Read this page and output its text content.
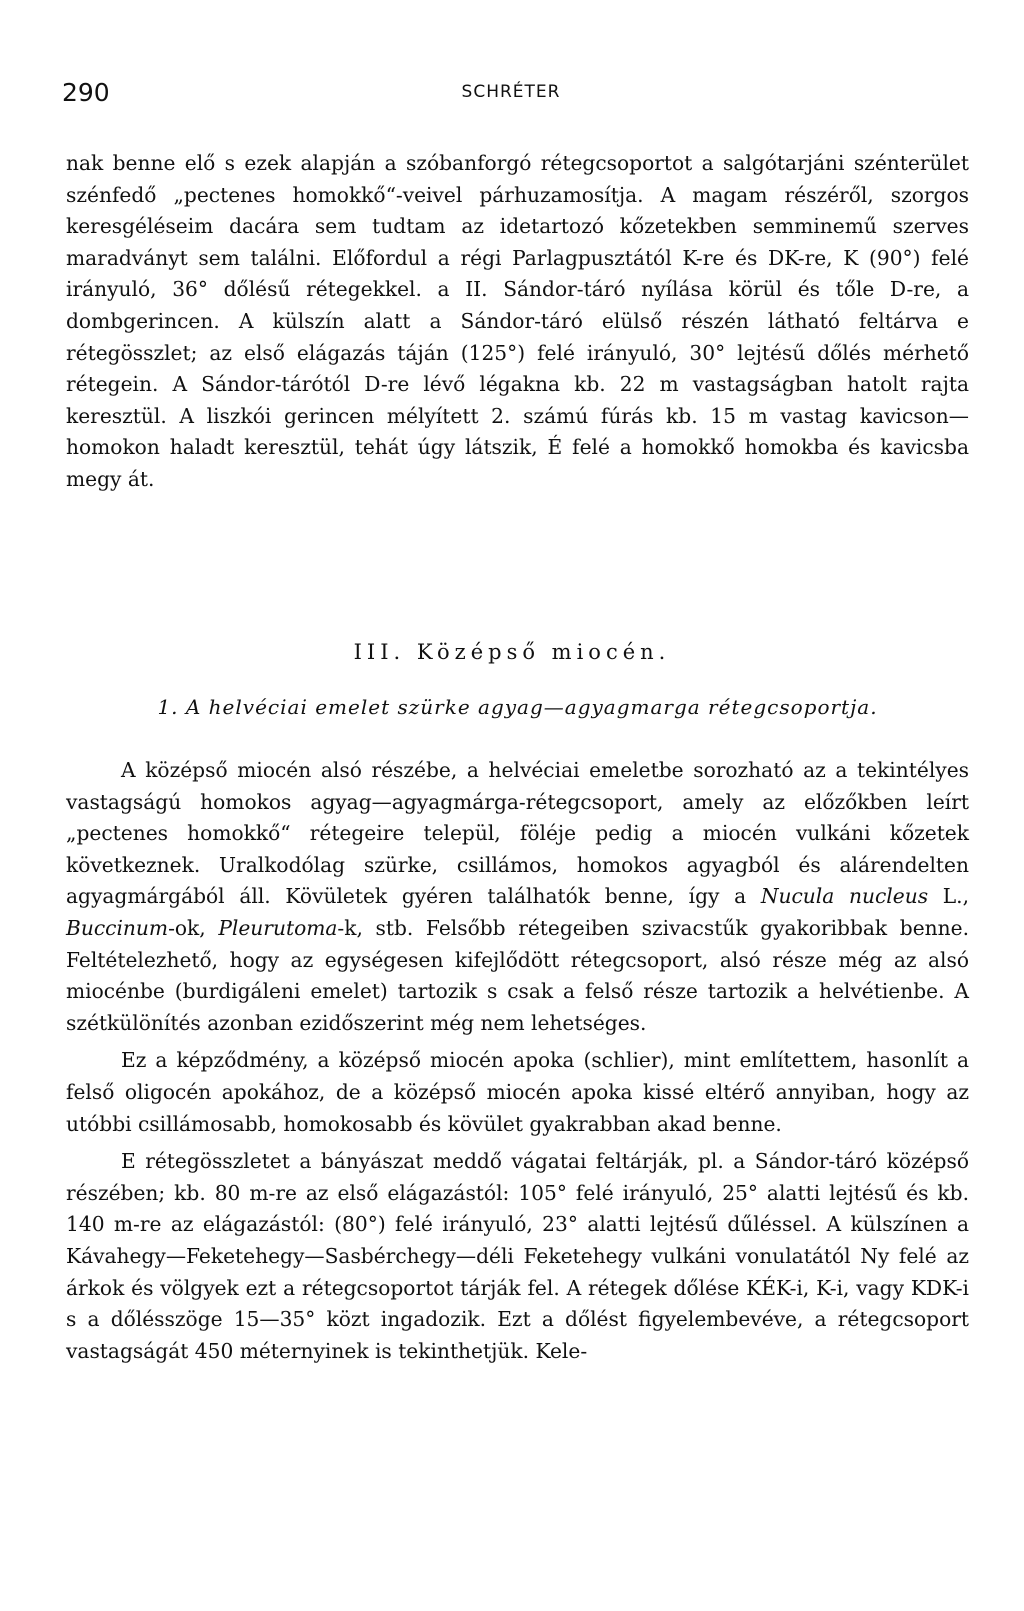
290	SCHRÉTER

nak benne elő s ezek alapján a szóbanforgó rétegcsoportot a salgótarjáni szénterület szénfedő „pectenes homokkő“-veivel párhuzamosítja. A magam részéről, szorgos keresgéléseim dacára sem tudtam az idetartozó kőzetekben semminemű szerves maradványt sem találni. Előfordul a régi Parlagpusztától K-re és DK-re, K (90°) felé irányuló, 36° dőlésű rétegekkel. a II. Sándor-táró nyílása körül és tőle D-re, a dombgerincen. A külszín alatt a Sándor-táró elülső részén látható feltárva e rétegösszlet; az első elágazás táján (125°) felé irányuló, 30° lejtésű dőlés mérhető rétegein. A Sándor-tárótól D-re lévő légakna kb. 22 m vastagságban hatolt rajta keresztül. A liszkói gerincen mélyített 2. számú fúrás kb. 15 m vastag kavicson— homokon haladt keresztül, tehát úgy látszik, É felé a homokkő homokba és kavicsba megy át.

III. Középső miocén.
1. A helvéciai emelet szürke agyag—agyagmarga rétegcsoportja.

A középső miocén alsó részébe, a helvéciai emeletbe sorozható az a tekintélyes vastagságú homokos agyag—agyagmárga-rétegcsoport, amely az előzőkben leírt „pectenes homokkő“ rétegeire települ, föléje pedig a miocén vulkáni kőzetek következnek. Uralkodólag szürke, csillámos, homokos agyagból és alárendelten agyagmárgából áll. Kövületek gyéren találhatók benne, így a Nucula nucleus L., Buccinum-ok, Pleurutoma-k, stb. Felsőbb rétegeiben szivacstűk gyakoribbak benne. Feltételezhető, hogy az egységesen kifejlődött rétegcsoport, alsó része még az alsó miocénbe (burdigáleni emelet) tartozik s csak a felső része tartozik a helvétienbe. A szétkülönítés azonban ezidőszerint még nem lehetséges.

Ez a képződmény, a középső miocén apoka (schlier), mint említettem, hasonlít a felső oligocén apokához, de a középső miocén apoka kissé eltérő annyiban, hogy az utóbbi csillámosabb, homokosabb és kövület gyakrabban akad benne.

E rétegösszletet a bányászat meddő vágatai feltárják, pl. a Sándor-táró középső részében; kb. 80 m-re az első elágazástól: 105° felé irányuló, 25° alatti lejtésű és kb. 140 m-re az elágazástól: (80°) felé irányuló, 23° alatti lejtésű dűléssel. A külszínen a Kávahegy—Feketehegy—Sasbérchegy—déli Feketehegy vulkáni vonulatától Ny felé az árkok és völgyek ezt a rétegcsoportot tárják fel. A rétegek dőlése KÉK-i, K-i, vagy KDK-i s a dőlésszöge 15—35° közt ingadozik. Ezt a dőlést figyelembevéve, a rétegcsoport vastagságát 450 méternyinek is tekinthetjük. Kele-
